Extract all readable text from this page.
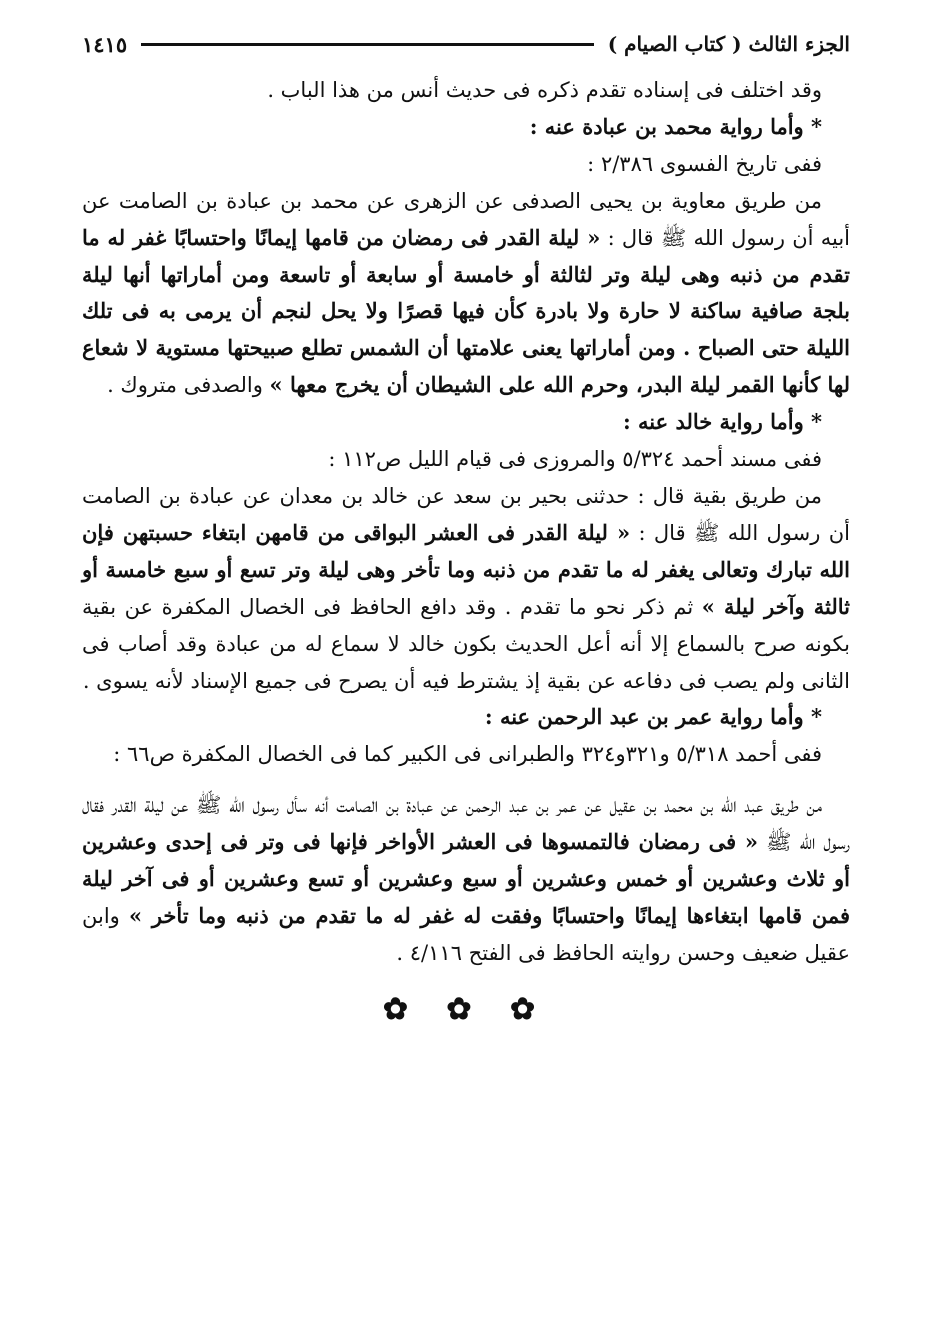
الجزء الثالث ( كتاب الصيام )
١٤١٥

وقد اختلف فى إسناده تقدم ذكره فى حديث أنس من هذا الباب .

* وأما رواية محمد بن عبادة عنه :

ففى تاريخ الفسوى ٢/٣٨٦ :

من طريق معاوية بن يحيى الصدفى عن الزهرى عن محمد بن عبادة بن الصامت عن أبيه أن رسول الله ﷺ قال : « ليلة القدر فى رمضان من قامها إيمانًا واحتسابًا غفر له ما تقدم من ذنبه وهى ليلة وتر لثالثة أو خامسة أو سابعة أو تاسعة ومن أماراتها أنها ليلة بلجة صافية ساكنة لا حارة ولا بادرة كأن فيها قصرًا ولا يحل لنجم أن يرمى به فى تلك الليلة حتى الصباح . ومن أماراتها يعنى علامتها أن الشمس تطلع صبيحتها مستوية لا شعاع لها كأنها القمر ليلة البدر، وحرم الله على الشيطان أن يخرج معها » والصدفى متروك .

* وأما رواية خالد عنه :

ففى مسند أحمد ٥/٣٢٤ والمروزى فى قيام الليل ص١١٢ :

من طريق بقية قال : حدثنى بحير بن سعد عن خالد بن معدان عن عبادة بن الصامت أن رسول الله ﷺ قال : « ليلة القدر فى العشر البواقى من قامهن ابتغاء حسبتهن فإن الله تبارك وتعالى يغفر له ما تقدم من ذنبه وما تأخر وهى ليلة وتر تسع أو سبع خامسة أو ثالثة وآخر ليلة » ثم ذكر نحو ما تقدم . وقد دافع الحافظ فى الخصال المكفرة عن بقية بكونه صرح بالسماع إلا أنه أعل الحديث بكون خالد لا سماع له من عبادة وقد أصاب فى الثانى ولم يصب فى دفاعه عن بقية إذ يشترط فيه أن يصرح فى جميع الإسناد لأنه يسوى .

* وأما رواية عمر بن عبد الرحمن عنه :

ففى أحمد ٥/٣١٨ و٣٢١و٣٢٤ والطبرانى فى الكبير كما فى الخصال المكفرة ص٦٦ :

من طريق عبد الله بن محمد بن عقيل عن عمر بن عبد الرحمن عن عبادة بن الصامت أنه سأل رسول الله ﷺ عن ليلة القدر فقال رسول الله ﷺ « فى رمضان فالتمسوها فى العشر الأواخر فإنها فى وتر فى إحدى وعشرين أو ثلاث وعشرين أو خمس وعشرين أو سبع وعشرين أو تسع وعشرين أو فى آخر ليلة فمن قامها ابتغاءها إيمانًا واحتسابًا وفقت له غفر له ما تقدم من ذنبه وما تأخر » وابن عقيل ضعيف وحسن روايته الحافظ فى الفتح ٤/١١٦ .

✿ ✿ ✿
